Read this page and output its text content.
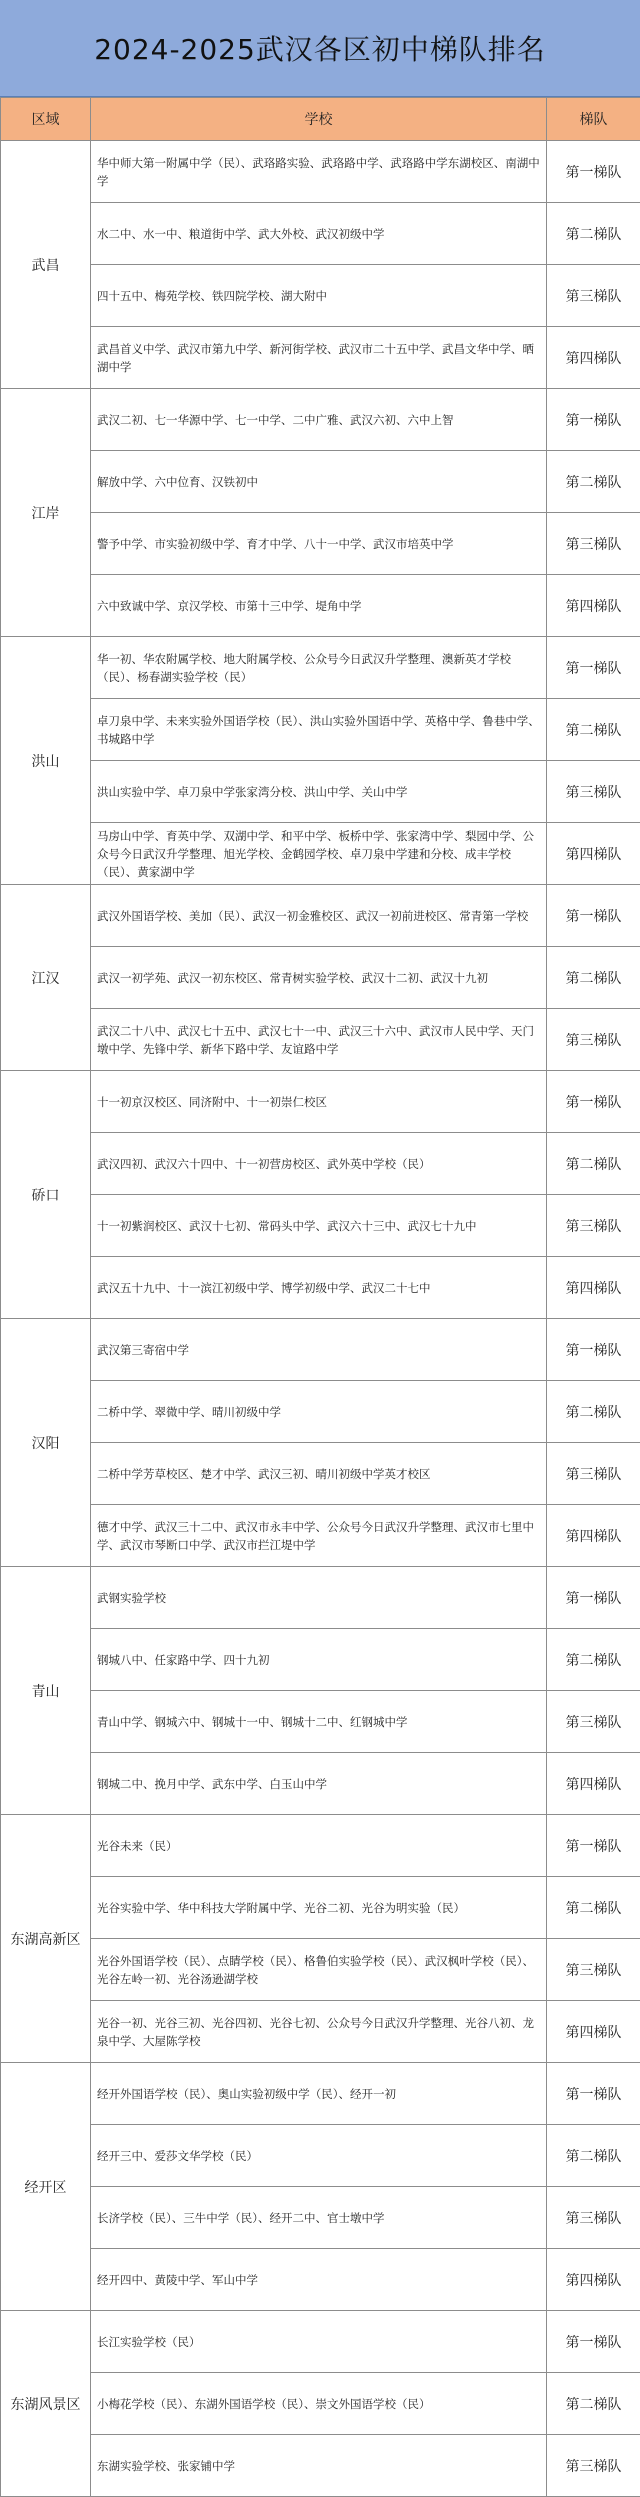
2024-2025武汉各区初中梯队排名
区域	学校	梯队
武昌	华中师大第一附属中学（民）、武珞路实验、武珞路中学、武珞路中学东湖校区、南湖中学	第一梯队
	水二中、水一中、粮道街中学、武大外校、武汉初级中学	第二梯队
	四十五中、梅苑学校、铁四院学校、湖大附中	第三梯队
	武昌首义中学、武汉市第九中学、新河街学校、武汉市二十五中学、武昌文华中学、晒湖中学	第四梯队
江岸	武汉二初、七一华源中学、七一中学、二中广雅、武汉六初、六中上智	第一梯队
	解放中学、六中位育、汉铁初中	第二梯队
	警予中学、市实验初级中学、育才中学、八十一中学、武汉市培英中学	第三梯队
	六中致诚中学、京汉学校、市第十三中学、堤角中学	第四梯队
洪山	华一初、华农附属学校、地大附属学校、公众号今日武汉升学整理、澳新英才学校（民）、杨春湖实验学校（民）	第一梯队
	卓刀泉中学、未来实验外国语学校（民）、洪山实验外国语中学、英格中学、鲁巷中学、书城路中学	第二梯队
	洪山实验中学、卓刀泉中学张家湾分校、洪山中学、关山中学	第三梯队
	马房山中学、育英中学、双湖中学、和平中学、板桥中学、张家湾中学、梨园中学、公众号今日武汉升学整理、旭光学校、金鹤园学校、卓刀泉中学建和分校、成丰学校（民）、黄家湖中学	第四梯队
江汉	武汉外国语学校、美加（民）、武汉一初金雅校区、武汉一初前进校区、常青第一学校	第一梯队
	武汉一初学苑、武汉一初东校区、常青树实验学校、武汉十二初、武汉十九初	第二梯队
	武汉二十八中、武汉七十五中、武汉七十一中、武汉三十六中、武汉市人民中学、天门墩中学、先锋中学、新华下路中学、友谊路中学	第三梯队
硚口	十一初京汉校区、同济附中、十一初崇仁校区	第一梯队
	武汉四初、武汉六十四中、十一初营房校区、武外英中学校（民）	第二梯队
	十一初紫润校区、武汉十七初、常码头中学、武汉六十三中、武汉七十九中	第三梯队
	武汉五十九中、十一滨江初级中学、博学初级中学、武汉二十七中	第四梯队
汉阳	武汉第三寄宿中学	第一梯队
	二桥中学、翠微中学、晴川初级中学	第二梯队
	二桥中学芳草校区、楚才中学、武汉三初、晴川初级中学英才校区	第三梯队
	德才中学、武汉三十二中、武汉市永丰中学、公众号今日武汉升学整理、武汉市七里中学、武汉市琴断口中学、武汉市拦江堤中学	第四梯队
青山	武钢实验学校	第一梯队
	钢城八中、任家路中学、四十九初	第二梯队
	青山中学、钢城六中、钢城十一中、钢城十二中、红钢城中学	第三梯队
	钢城二中、挽月中学、武东中学、白玉山中学	第四梯队
东湖高新区	光谷未来（民）	第一梯队
	光谷实验中学、华中科技大学附属中学、光谷二初、光谷为明实验（民）	第二梯队
	光谷外国语学校（民）、点睛学校（民）、格鲁伯实验学校（民）、武汉枫叶学校（民）、光谷左岭一初、光谷汤逊湖学校	第三梯队
	光谷一初、光谷三初、光谷四初、光谷七初、公众号今日武汉升学整理、光谷八初、龙泉中学、大屋陈学校	第四梯队
经开区	经开外国语学校（民）、奥山实验初级中学（民）、经开一初	第一梯队
	经开三中、爱莎文华学校（民）	第二梯队
	长济学校（民）、三牛中学（民）、经开二中、官士墩中学	第三梯队
	经开四中、黄陵中学、军山中学	第四梯队
东湖风景区	长江实验学校（民）	第一梯队
	小梅花学校（民）、东湖外国语学校（民）、崇文外国语学校（民）	第二梯队
	东湖实验学校、张家铺中学	第三梯队
